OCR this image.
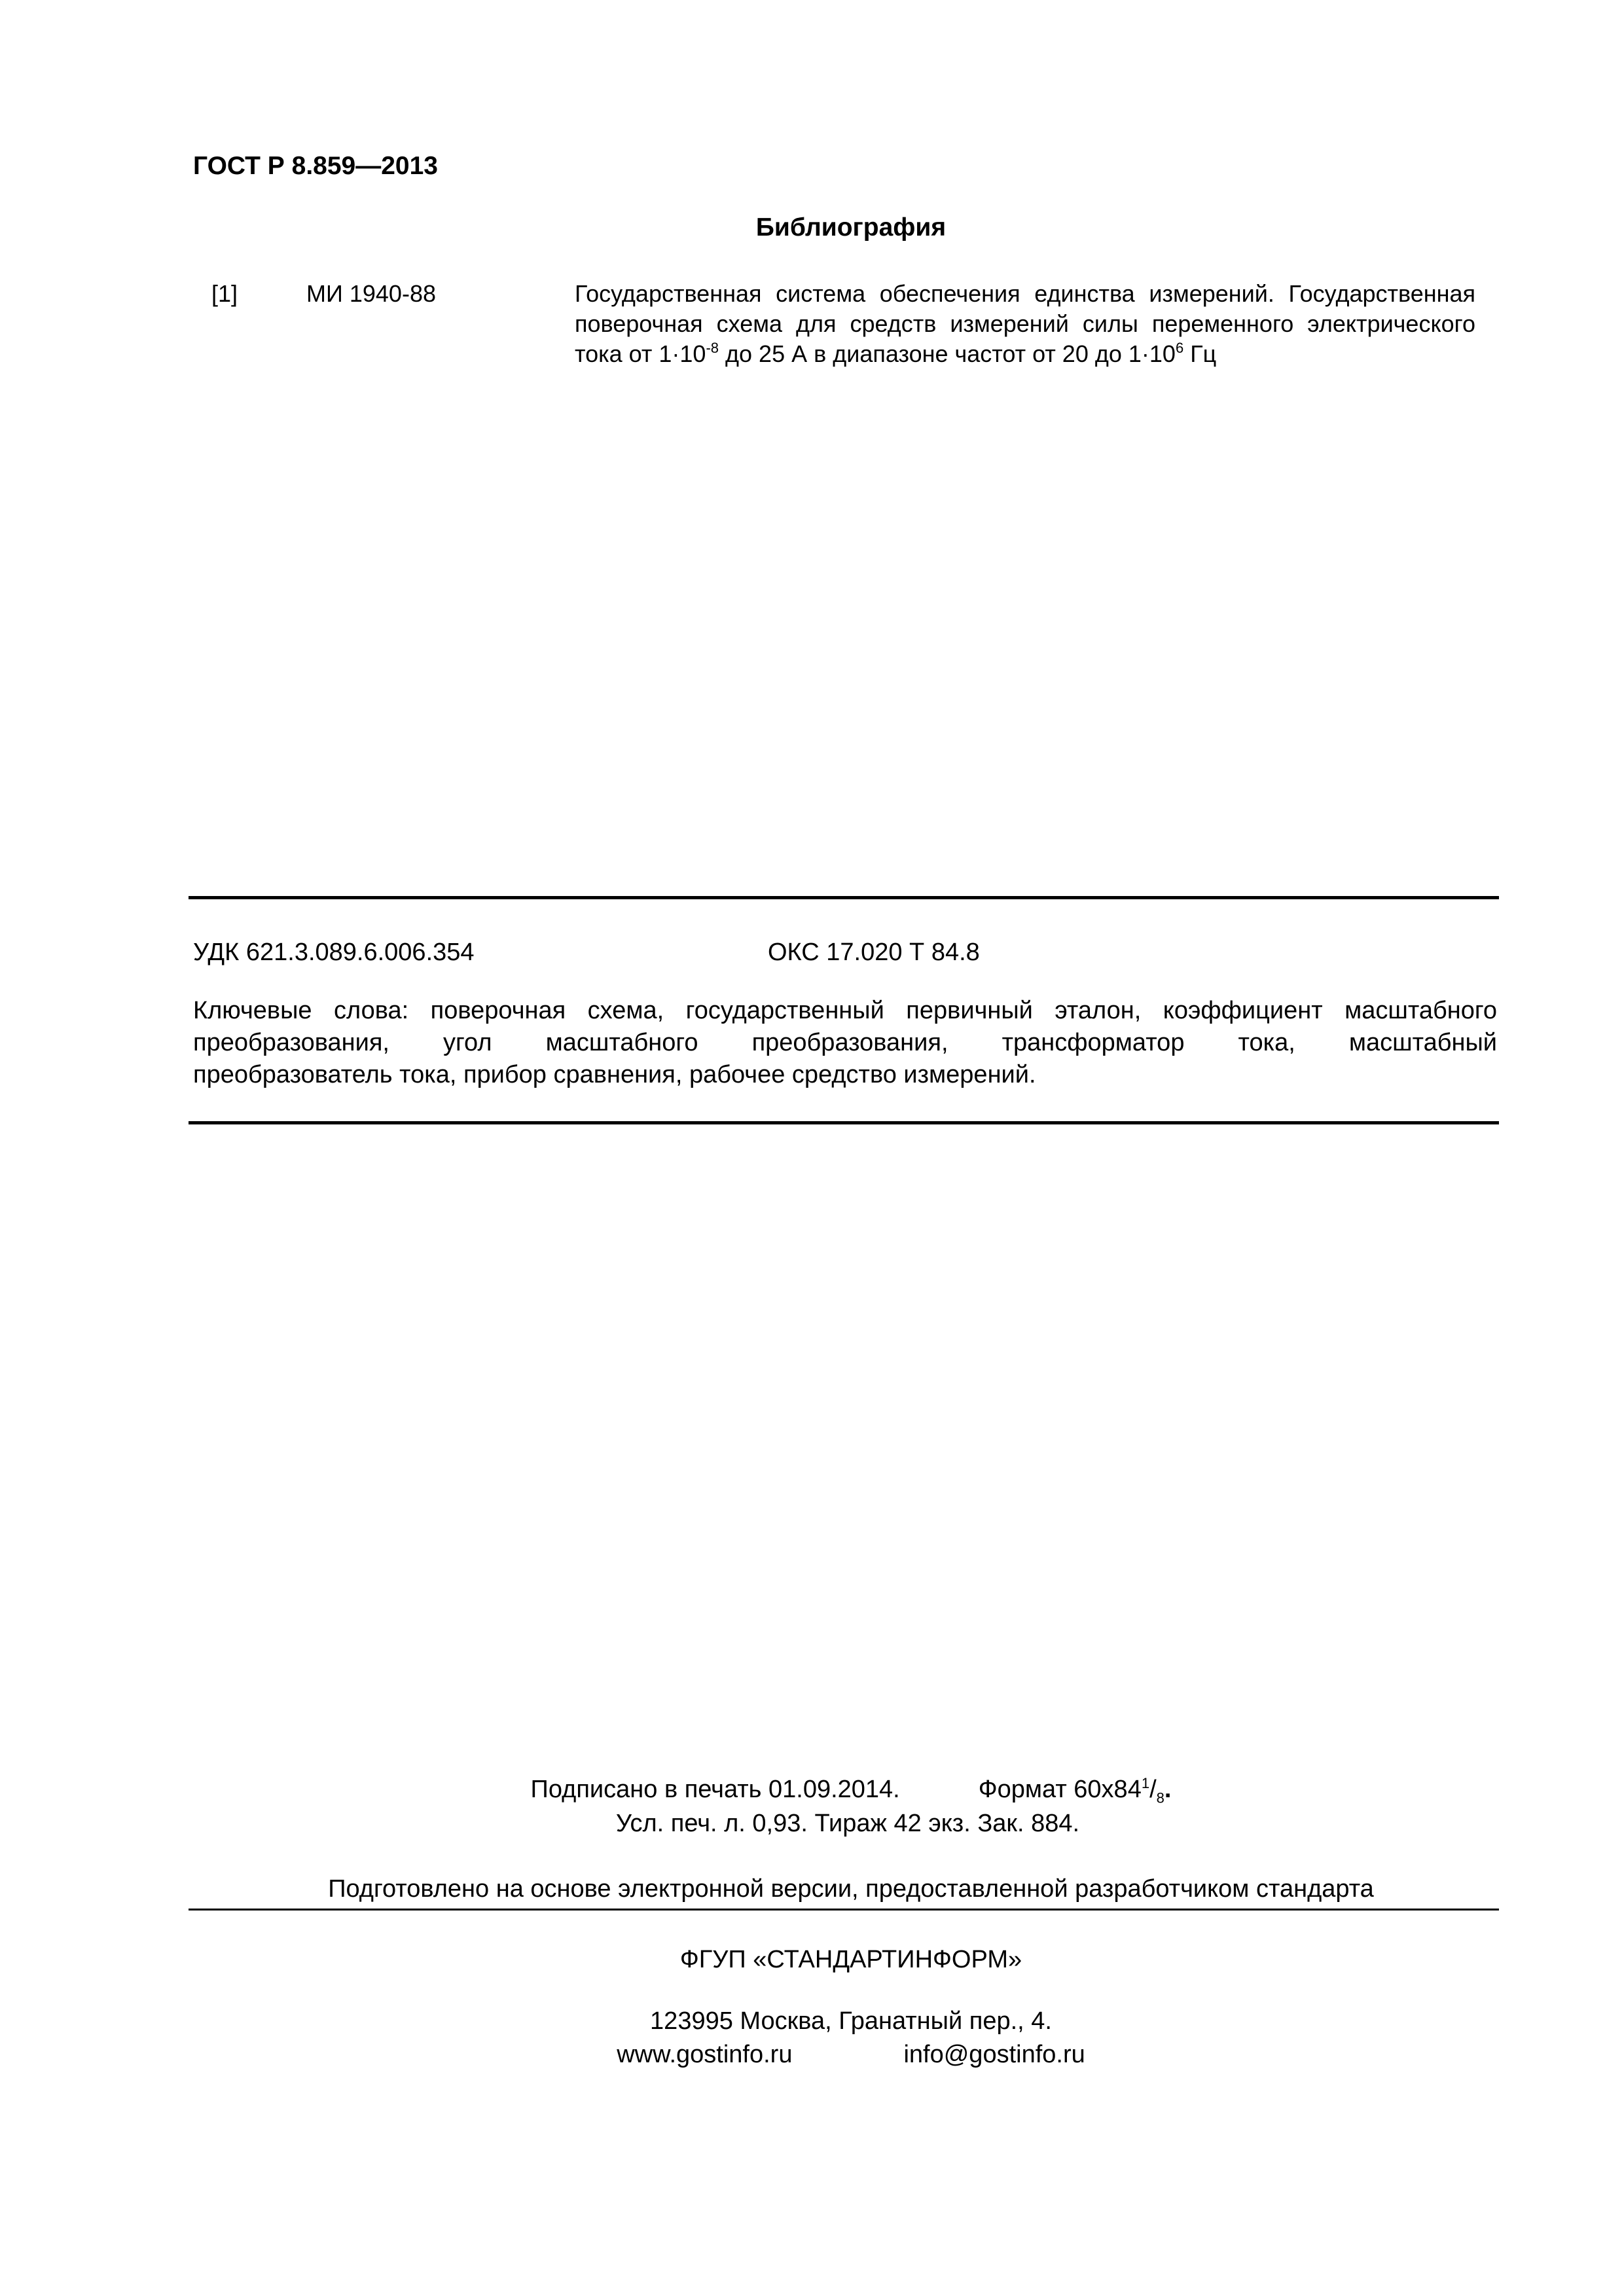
ГОСТ Р 8.859—2013
Библиография
[1]	МИ 1940-88	Государственная система обеспечения единства измерений. Государственная
поверочная схема для средств измерений силы переменного электрического
тока от $1\cdot 10^{-8}$ до 25 А в диапазоне частот от 20 до $1\cdot 10^6$ Гц
УДК 621.3.089.6.006.354	ОКС 17.020 Т 84.8
Ключевые слова: поверочная схема, государственный первичный эталон, коэффициент масштабного
преобразования, угол масштабного преобразования, трансформатор тока, масштабный
преобразователь тока, прибор сравнения, рабочее средство измерений.
Подписано в печать 01.09.2014.	Формат $60x84^1/_8$.
Усл. печ. л. 0,93. Тираж 42 экз. Зак. 884.
Подготовлено на основе электронной версии, предоставленной разработчиком стандарта
ФГУП «СТАНДАРТИНФОРМ»
123995 Москва, Гранатный пер., 4.
www.gostinfo.ru	info@gostinfo.ru
